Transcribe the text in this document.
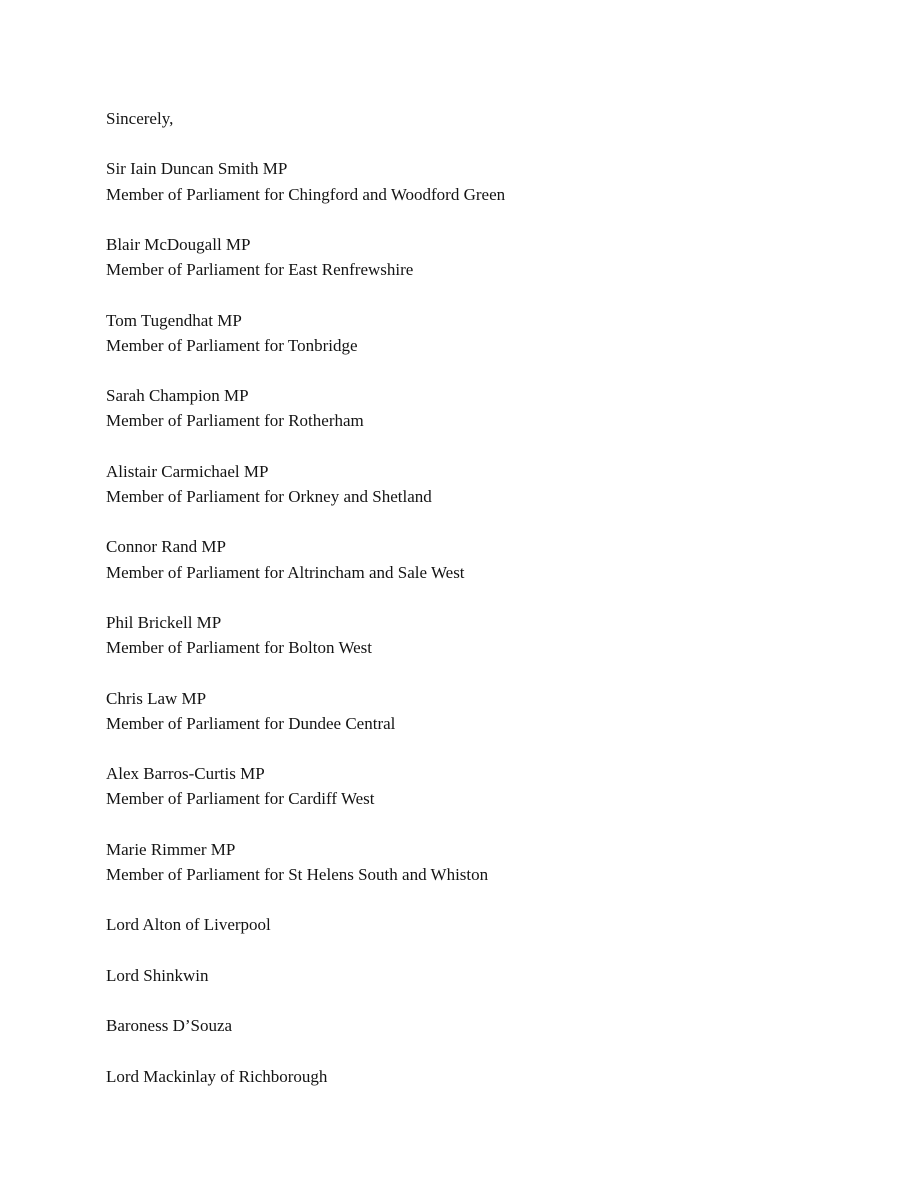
Sincerely,
Sir Iain Duncan Smith MP
Member of Parliament for Chingford and Woodford Green
Blair McDougall MP
Member of Parliament for East Renfrewshire
Tom Tugendhat MP
Member of Parliament for Tonbridge
Sarah Champion MP
Member of Parliament for Rotherham
Alistair Carmichael MP
Member of Parliament for Orkney and Shetland
Connor Rand MP
Member of Parliament for Altrincham and Sale West
Phil Brickell MP
Member of Parliament for Bolton West
Chris Law MP
Member of Parliament for Dundee Central
Alex Barros-Curtis MP
Member of Parliament for Cardiff West
Marie Rimmer MP
Member of Parliament for St Helens South and Whiston
Lord Alton of Liverpool
Lord Shinkwin
Baroness D’Souza
Lord Mackinlay of Richborough
